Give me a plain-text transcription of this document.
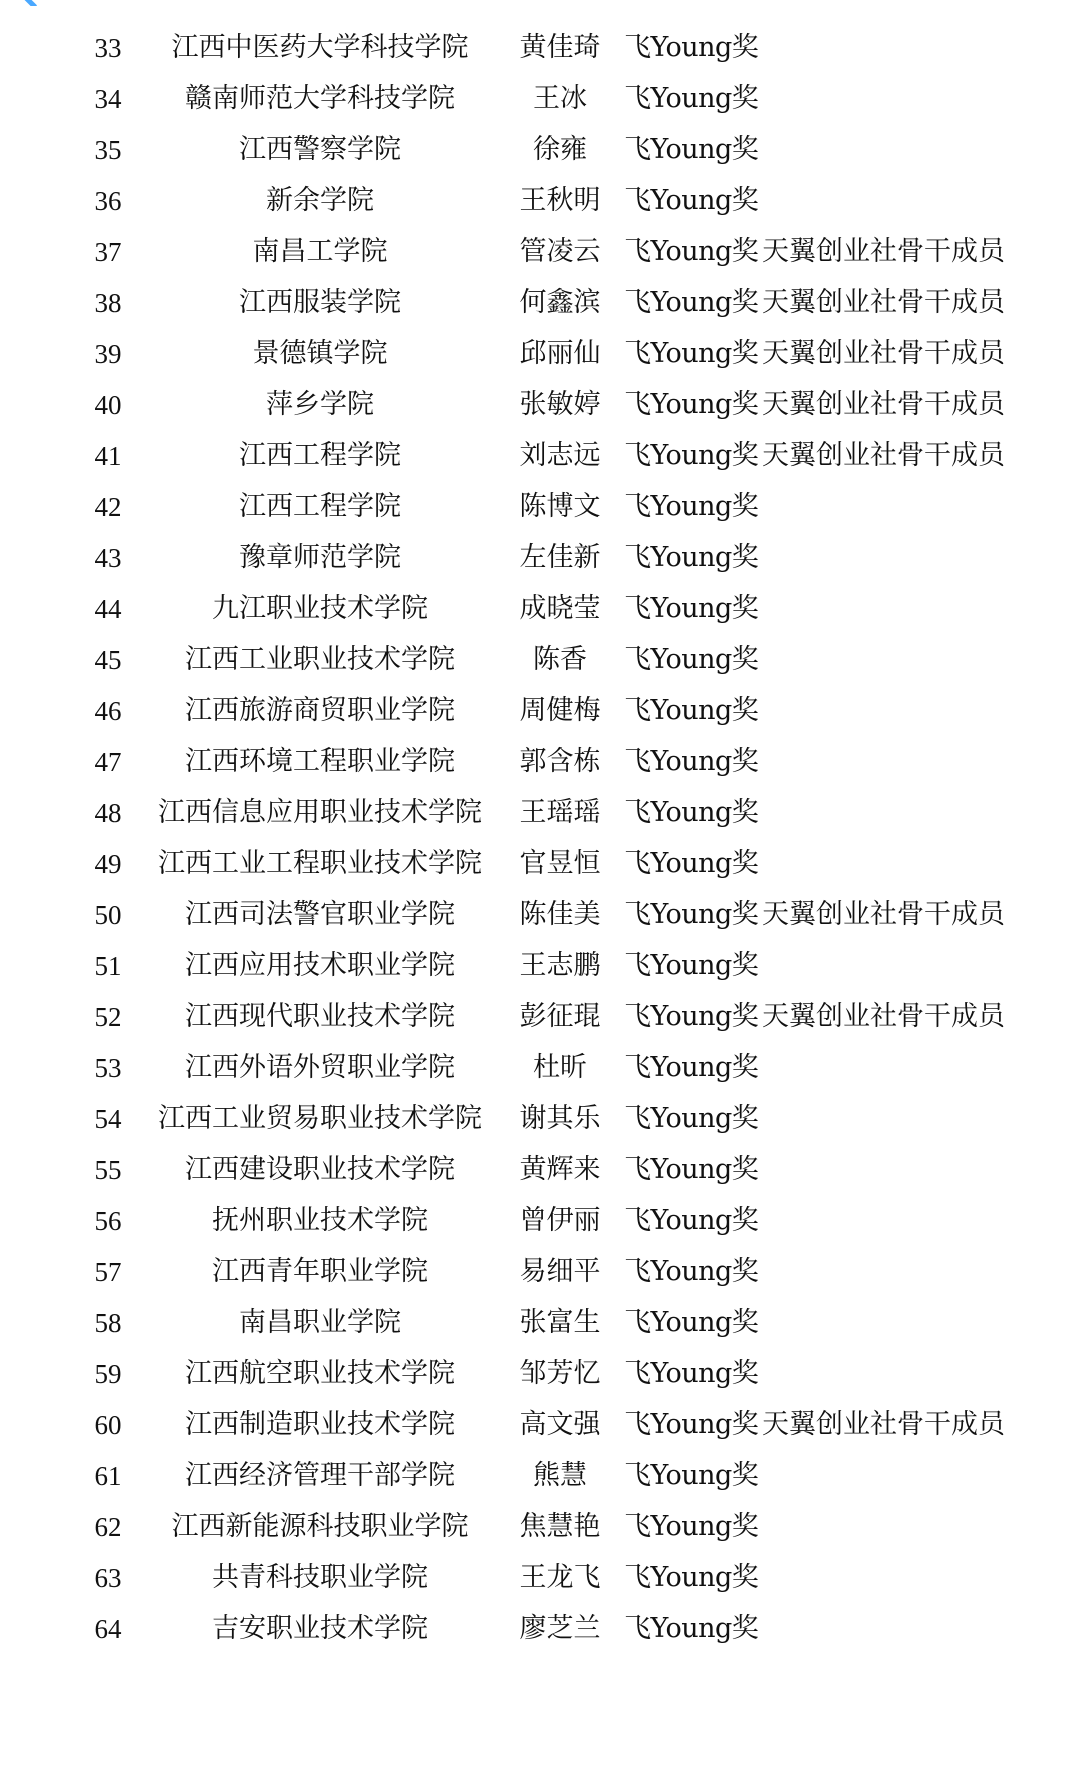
33	江西中医药大学科技学院	黄佳琦 飞Young奖
34	赣南师范大学科技学院	王冰	飞Young奖
35	江西警察学院	徐雍	飞Young奖
36	新余学院	王秋明 飞Young奖
37	南昌工学院	管凌云 飞Young奖 天翼创业社骨干成员
38	江西服装学院	何鑫滨 飞Young奖 天翼创业社骨干成员
39	景德镇学院	邱丽仙 飞Young奖 天翼创业社骨干成员
40	萍乡学院	张敏婷 飞Young奖 天翼创业社骨干成员
41	江西工程学院	刘志远 飞Young奖 天翼创业社骨干成员
42	江西工程学院	陈博文 飞Young奖
43	豫章师范学院	左佳新 飞Young奖
44	九江职业技术学院	成晓莹 飞Young奖
45	江西工业职业技术学院	陈香	飞Young奖
46	江西旅游商贸职业学院	周健梅 飞Young奖
47	江西环境工程职业学院	郭含栋 飞Young奖
48	江西信息应用职业技术学院	王瑶瑶 飞Young奖
49	江西工业工程职业技术学院	官昱恒 飞Young奖
50	江西司法警官职业学院	陈佳美 飞Young奖 天翼创业社骨干成员
51	江西应用技术职业学院	王志鹏 飞Young奖
52	江西现代职业技术学院	彭征琨 飞Young奖 天翼创业社骨干成员
53	江西外语外贸职业学院	杜昕	飞Young奖
54	江西工业贸易职业技术学院	谢其乐 飞Young奖
55	江西建设职业技术学院	黄辉来 飞Young奖
56	抚州职业技术学院	曾伊丽 飞Young奖
57	江西青年职业学院	易细平 飞Young奖
58	南昌职业学院	张富生 飞Young奖
59	江西航空职业技术学院	邹芳忆 飞Young奖
60	江西制造职业技术学院	高文强 飞Young奖 天翼创业社骨干成员
61	江西经济管理干部学院	熊慧	飞Young奖
62	江西新能源科技职业学院	焦慧艳 飞Young奖
63	共青科技职业学院	王龙飞 飞Young奖
64	吉安职业技术学院	廖芝兰 飞Young奖
